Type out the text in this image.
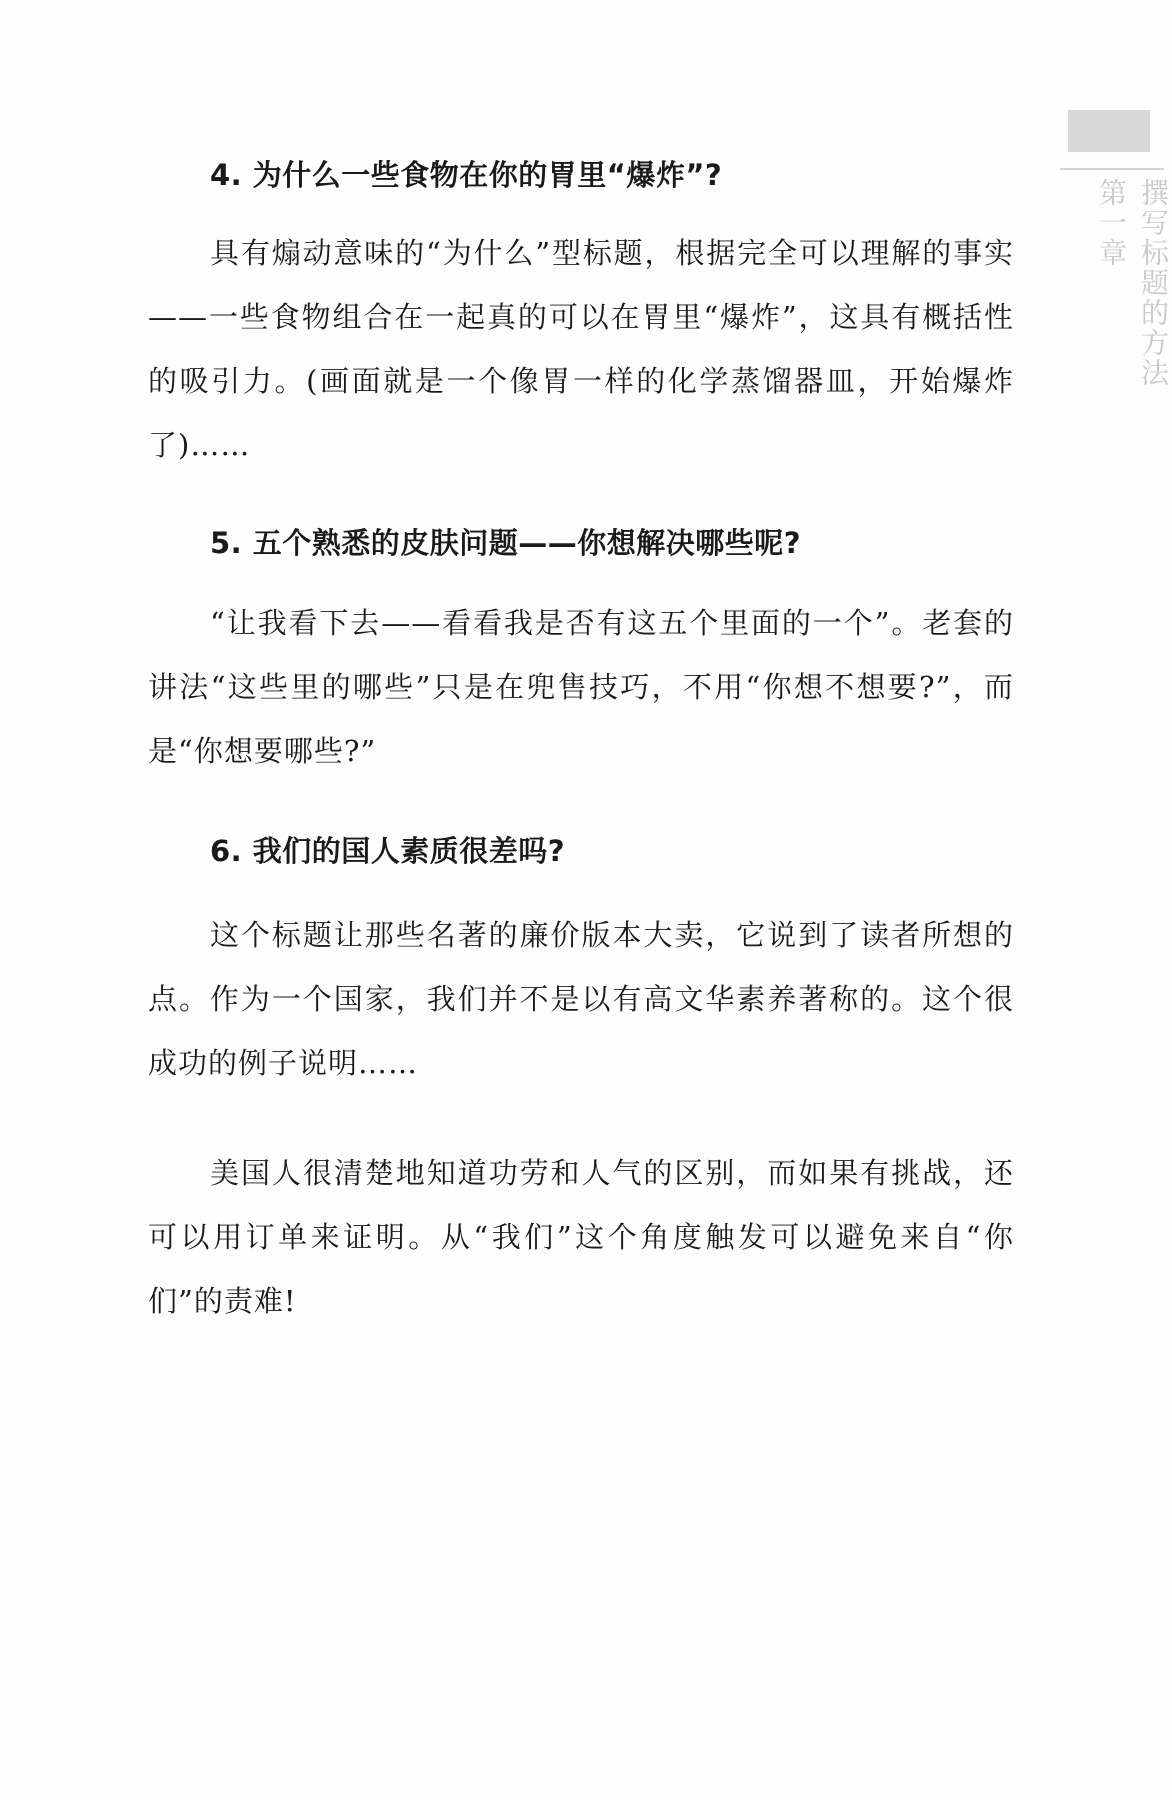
第一章 撰写标题的方法
4. 为什么一些食物在你的胃里“爆炸”?

具有煽动意味的“为什么”型标题，根据完全可以理解的事实——一些食物组合在一起真的可以在胃里“爆炸”，这具有概括性的吸引力。(画面就是一个像胃一样的化学蒸馏器皿，开始爆炸了)……

5. 五个熟悉的皮肤问题——你想解决哪些呢?

“让我看下去——看看我是否有这五个里面的一个”。老套的讲法“这些里的哪些”只是在兜售技巧，不用“你想不想要?”，而是“你想要哪些?”

6. 我们的国人素质很差吗?

这个标题让那些名著的廉价版本大卖，它说到了读者所想的点。作为一个国家，我们并不是以有高文华素养著称的。这个很成功的例子说明……

美国人很清楚地知道功劳和人气的区别，而如果有挑战，还可以用订单来证明。从“我们”这个角度触发可以避免来自“你们”的责难!
